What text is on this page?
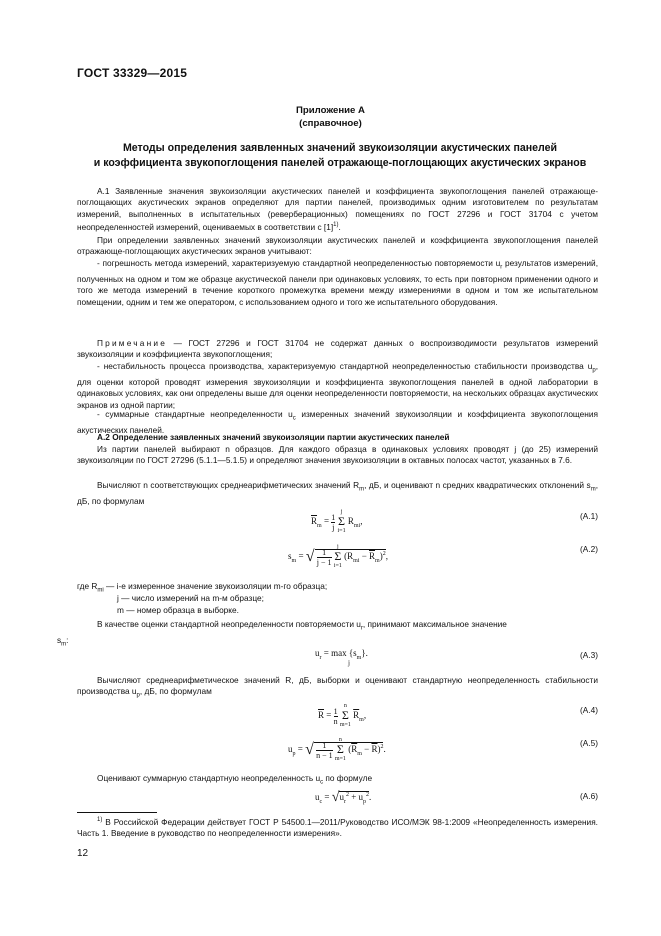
ГОСТ 33329—2015
Приложение А
(справочное)
Методы определения заявленных значений звукоизоляции акустических панелей
и коэффициента звукопоглощения панелей отражающе-поглощающих акустических экранов
А.1 Заявленные значения звукоизоляции акустических панелей и коэффициента звукопоглощения панелей отражающе-поглощающих акустических экранов определяют для партии панелей, производимых одним изготовителем по результатам измерений, выполненных в испытательных (реверберационных) помещениях по ГОСТ 27296 и ГОСТ 31704 с учетом неопределенностей измерений, оцениваемых в соответствии с $[1]^{1)}$.
При определении заявленных значений звукоизоляции акустических панелей и коэффициента звукопоглощения панелей отражающе-поглощающих акустических экранов учитывают:
- погрешность метода измерений, характеризуемую стандартной неопределенностью повторяемости $u_r$ результатов измерений, полученных на одном и том же образце акустической панели при одинаковых условиях, то есть при повторном применении одного и того же метода измерений в течение короткого промежутка времени между измерениями в одном и том же испытательном помещении, одним и тем же оператором, с использованием одного и того же испытательного оборудования.
Примечание — ГОСТ 27296 и ГОСТ 31704 не содержат данных о воспроизводимости результатов измерений звукоизоляции и коэффициента звукопоглощения;
- нестабильность процесса производства, характеризуемую стандартной неопределенностью стабильности производства $u_p$, для оценки которой проводят измерения звукоизоляции и коэффициента звукопоглощения панелей в одной лаборатории в одинаковых условиях, как они определены выше для оценки неопределенности повторяемости, на нескольких образцах акустических экранов из одной партии;
- суммарные стандартные неопределенности $u_c$ измеренных значений звукоизоляции и коэффициента звукопоглощения акустических панелей.
А.2 Определение заявленных значений звукоизоляции партии акустических панелей
Из партии панелей выбирают n образцов. Для каждого образца в одинаковых условиях проводят j (до 25) измерений звукоизоляции по ГОСТ 27296 (5.1.1—5.1.5) и определяют значения звукоизоляции в октавных полосах частот, указанных в 7.6.
Вычисляют n соответствующих среднеарифметических значений $R_m$, дБ, и оценивают n средних квадратических отклонений $s_m$, дБ, по формулам
$\overline{R}_m = 1$
j j
Σ
i=1 $R_{mi}$,
(А.1)
$s_m$ = √ 1
j − 1 j
Σ
i=1 $(R_{mi} - \overline{R}_m)^2$,
(А.2)
где $R_{mi}$ — i-е измеренное значение звукоизоляции m-го образца;
j — число измерений на m-м образце;
m — номер образца в выборке.
В качестве оценки стандартной неопределенности повторяемости $u_r$, принимают максимальное значение
$s_m$:
$u_r = \max \{s_m\}$.
j
(А.3)
Вычисляют среднеарифметическое значений R, дБ, выборки и оценивают стандартную неопределенность стабильности производства $u_p$, дБ, по формулам
$\overline{R} = 1$
n n
Σ
m=1 $\overline{R}_m$,
(А.4)
$u_p$ = √	1
n − 1 n
Σ
m=1 $(\overline{R}_m - \overline{R})^2$.
(А.5)
Оценивают суммарную стандартную неопределенность $u_c$ по формуле
$u_c = √u_r^2 + u_p^2$.	(А.6)
$^{1)}$ В Российской Федерации действует ГОСТ Р 54500.1—2011/Руководство ИСО/МЭК 98-1:2009 «Неопределенность измерения. Часть 1. Введение в руководство по неопределенности измерения».
12
